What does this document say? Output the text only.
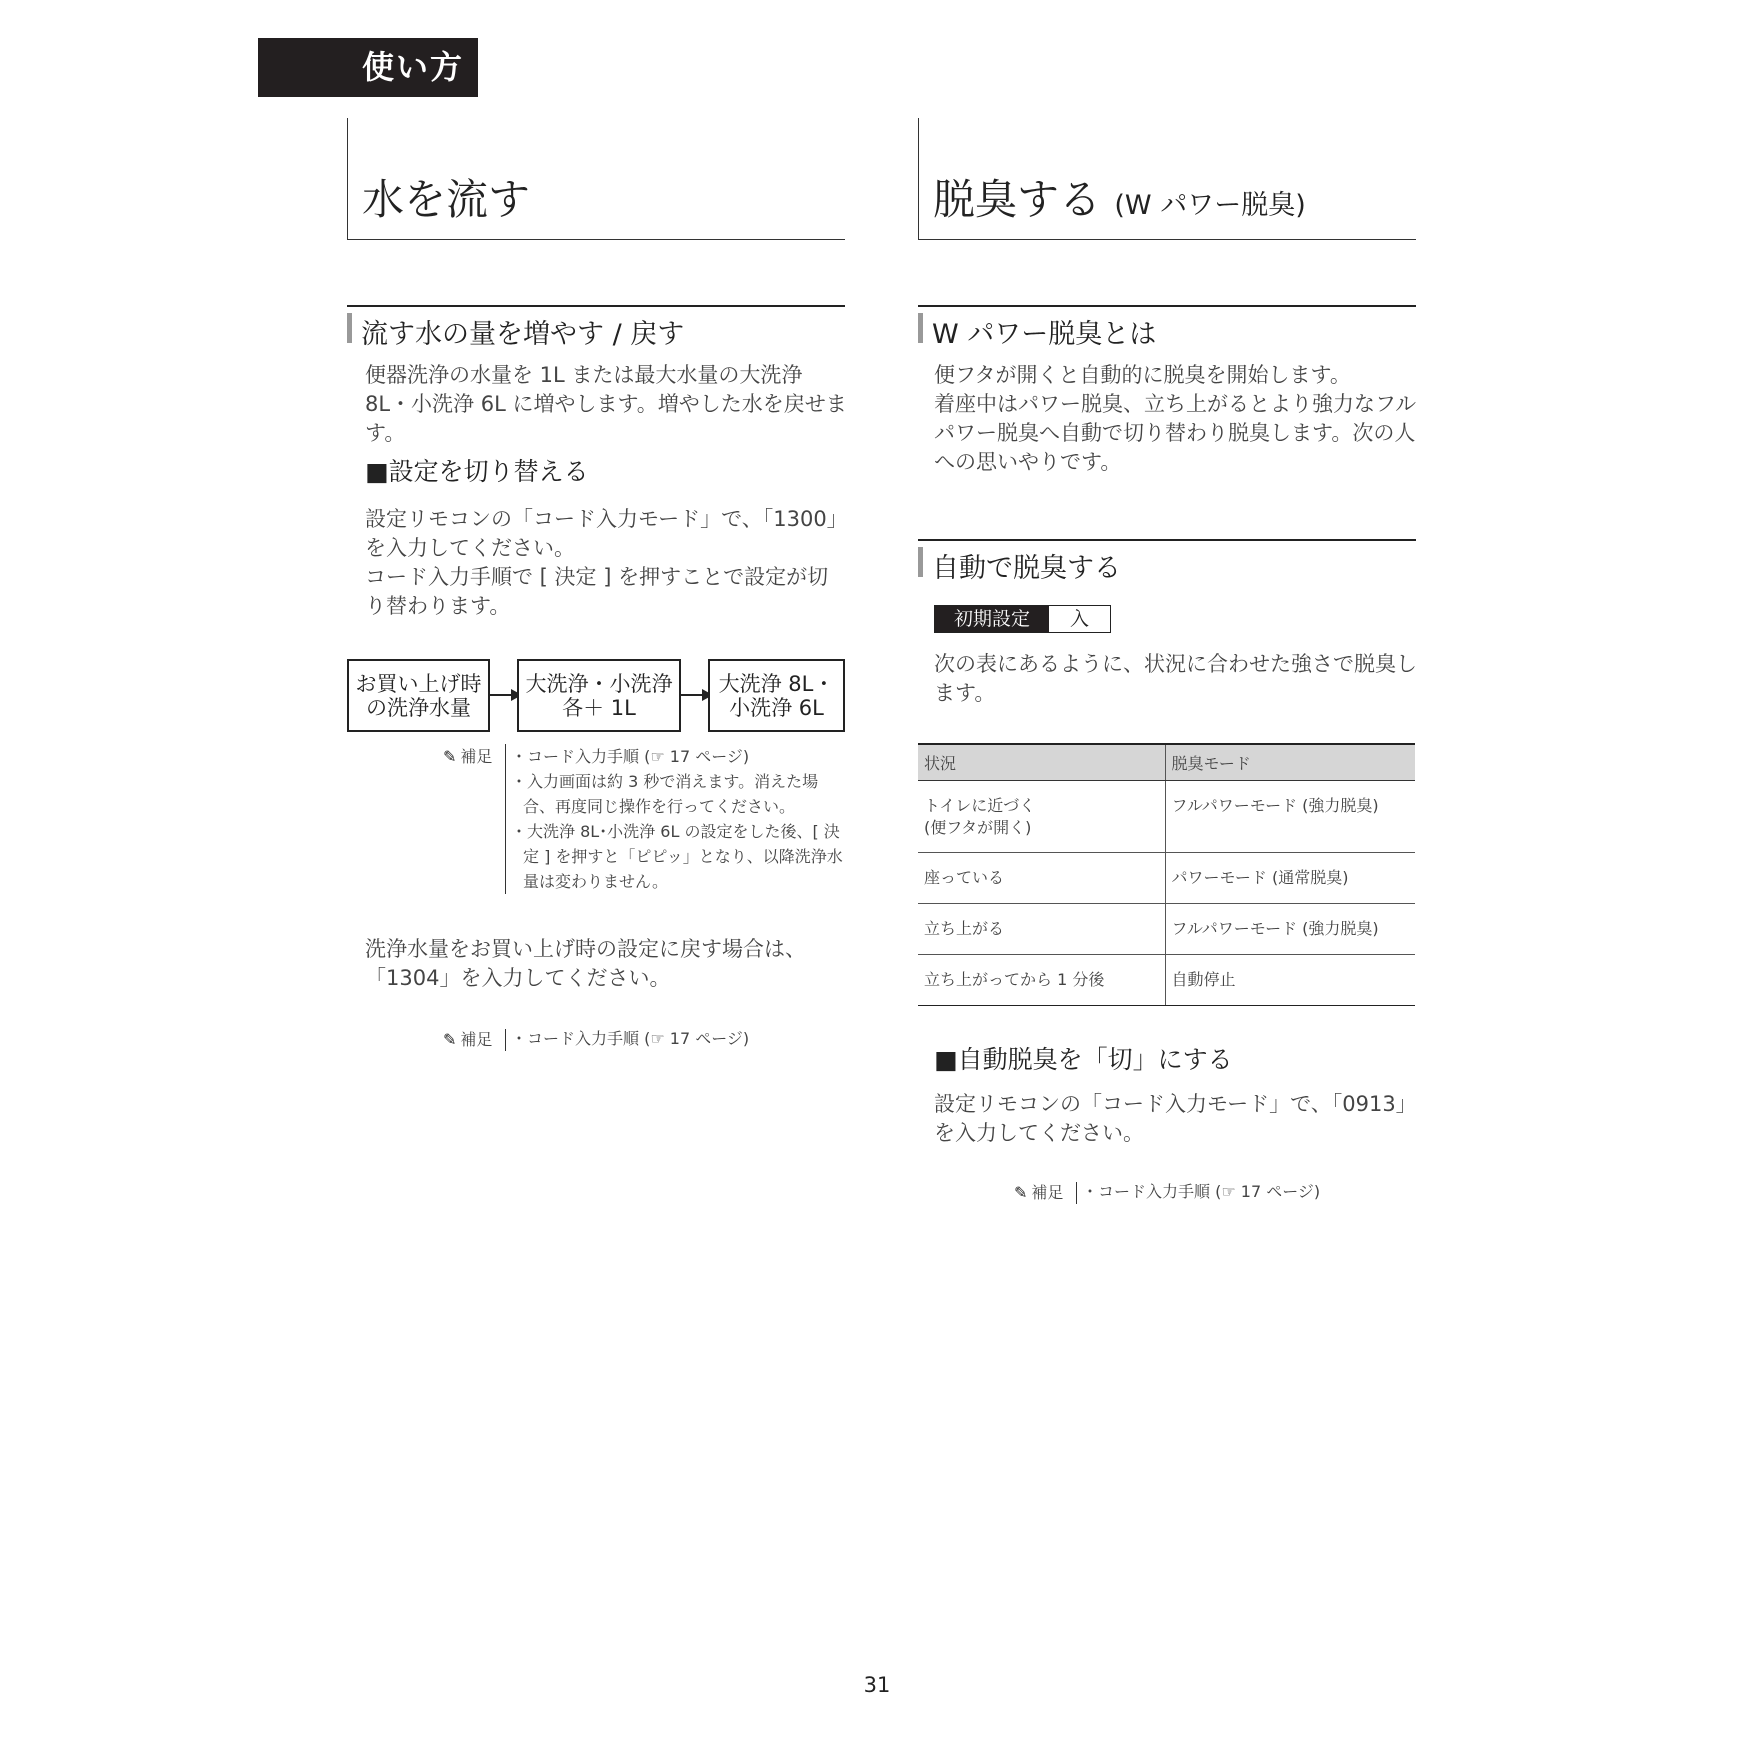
使い方
水を流す
流す水の量を増やす / 戻す
便器洗浄の水量を 1L または最大水量の大洗浄 8L・小洗浄 6L に増やします。増やした水を戻せます。
■設定を切り替える
設定リモコンの「コード入力モード」で、「1300」を入力してください。
コード入力手順で [ 決定 ] を押すことで設定が切り替わります。
お買い上げ時
の洗浄水量
大洗浄・小洗浄
各＋ 1L
大洗浄 8L・
小洗浄 6L
✎ 補足 ・コード入力手順 (☞ 17 ページ)
・入力画面は約 3 秒で消えます。消えた場合、再度同じ操作を行ってください。
・大洗浄 8L･小洗浄 6L の設定をした後、[ 決定 ] を押すと「ピピッ」となり、以降洗浄水量は変わりません。
洗浄水量をお買い上げ時の設定に戻す場合は、「1304」を入力してください。
✎ 補足 ・コード入力手順 (☞ 17 ページ)
脱臭する (W パワー脱臭)
W パワー脱臭とは
便フタが開くと自動的に脱臭を開始します。
着座中はパワー脱臭、立ち上がるとより強力なフルパワー脱臭へ自動で切り替わり脱臭します。次の人への思いやりです。
自動で脱臭する
初期設定	入
次の表にあるように、状況に合わせた強さで脱臭します。
状況	脱臭モード

トイレに近づく
(便フタが開く)	フルパワーモード (強力脱臭)
座っている	パワーモード (通常脱臭)
立ち上がる	フルパワーモード (強力脱臭)
立ち上がってから 1 分後	自動停止
■自動脱臭を「切」にする
設定リモコンの「コード入力モード」で、「0913」を入力してください。
✎ 補足 ・コード入力手順 (☞ 17 ページ)
31
